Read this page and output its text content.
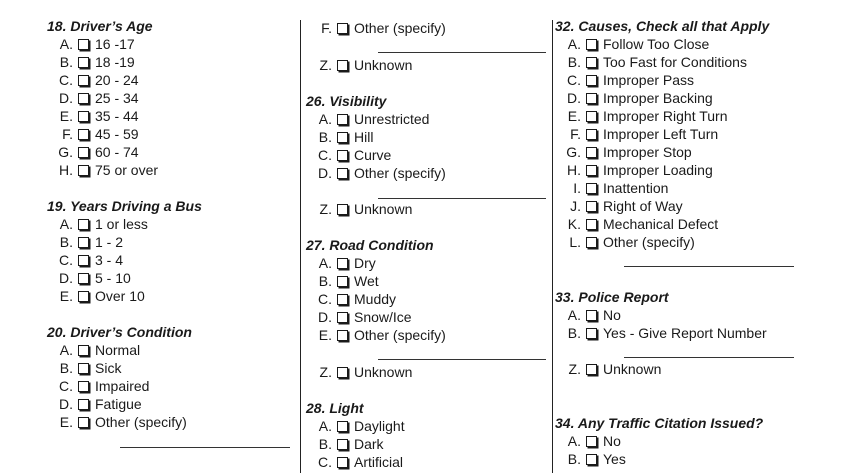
18. Driver’s Age
A. 16 -17
B. 18 -19
C. 20 - 24
D. 25 - 34
E. 35 - 44
F. 45 - 59
G. 60 - 74
H. 75 or over
19. Years Driving a Bus
A. 1 or less
B. 1 - 2
C. 3 - 4
D. 5 - 10
E. Over 10
20. Driver’s Condition
A. Normal
B. Sick
C. Impaired
D. Fatigue
E. Other (specify)
F. Other (specify)
Z. Unknown
26. Visibility
A. Unrestricted
B. Hill
C. Curve
D. Other (specify)
Z. Unknown
27. Road Condition
A. Dry
B. Wet
C. Muddy
D. Snow/Ice
E. Other (specify)
Z. Unknown
28. Light
A. Daylight
B. Dark
C. Artificial
32. Causes, Check all that Apply
A. Follow Too Close
B. Too Fast for Conditions
C. Improper Pass
D. Improper Backing
E. Improper Right Turn
F. Improper Left Turn
G. Improper Stop
H. Improper Loading
I. Inattention
J. Right of Way
K. Mechanical Defect
L. Other (specify)
33. Police Report
A. No
B. Yes - Give Report Number
Z. Unknown
34. Any Traffic Citation Issued?
A. No
B. Yes
